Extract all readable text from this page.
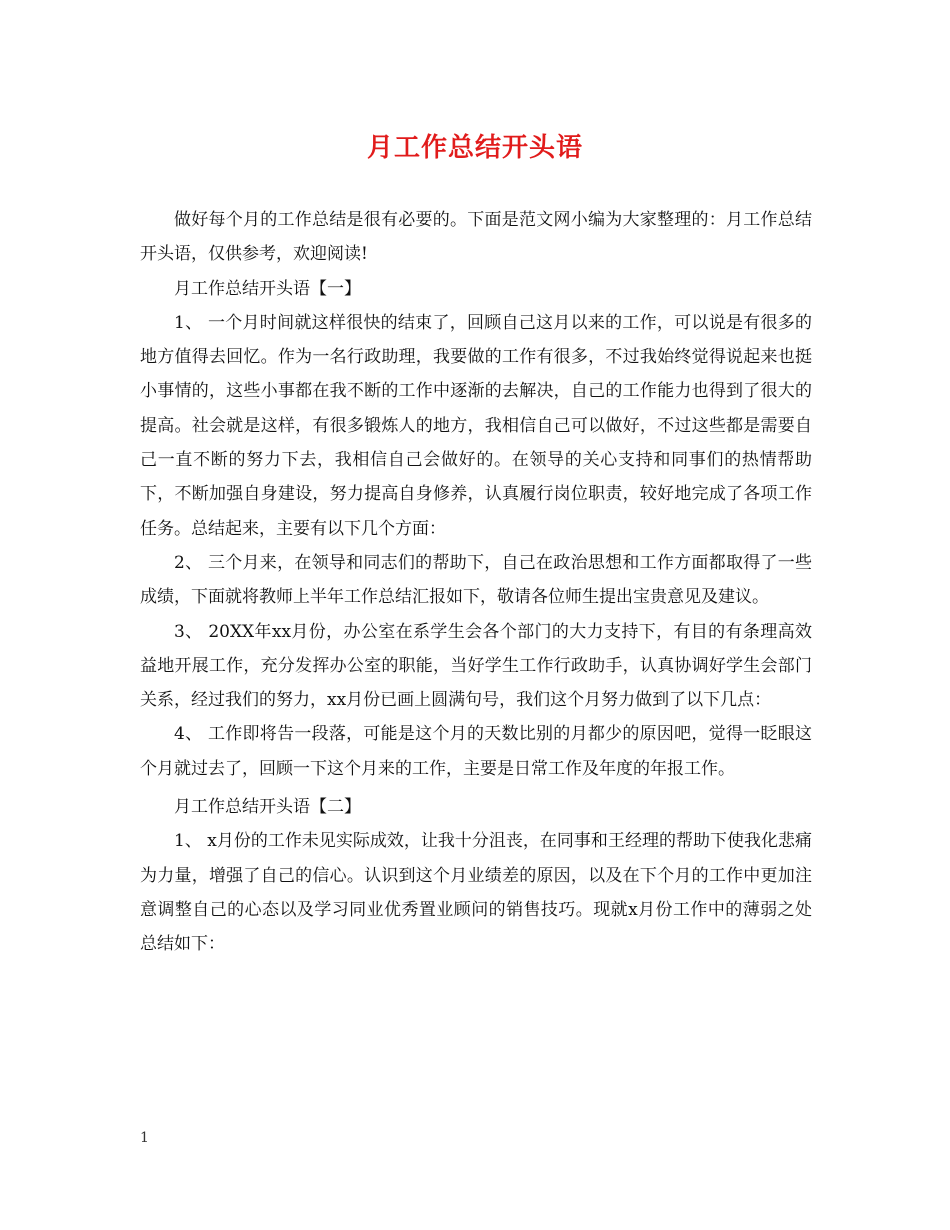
月工作总结开头语

做好每个月的工作总结是很有必要的。下面是范文网小编为大家整理的：月工作总结开头语，仅供参考，欢迎阅读!

月工作总结开头语【一】

1、 一个月时间就这样很快的结束了，回顾自己这月以来的工作，可以说是有很多的地方值得去回忆。作为一名行政助理，我要做的工作有很多，不过我始终觉得说起来也挺小事情的，这些小事都在我不断的工作中逐渐的去解决，自己的工作能力也得到了很大的提高。社会就是这样，有很多锻炼人的地方，我相信自己可以做好，不过这些都是需要自己一直不断的努力下去，我相信自己会做好的。在领导的关心支持和同事们的热情帮助下，不断加强自身建设，努力提高自身修养，认真履行岗位职责，较好地完成了各项工作任务。总结起来，主要有以下几个方面：

2、 三个月来，在领导和同志们的帮助下，自己在政治思想和工作方面都取得了一些成绩，下面就将教师上半年工作总结汇报如下，敬请各位师生提出宝贵意见及建议。

3、 20XX年xx月份，办公室在系学生会各个部门的大力支持下，有目的有条理高效益地开展工作，充分发挥办公室的职能，当好学生工作行政助手，认真协调好学生会部门关系，经过我们的努力，xx月份已画上圆满句号，我们这个月努力做到了以下几点：

4、 工作即将告一段落，可能是这个月的天数比别的月都少的原因吧，觉得一眨眼这个月就过去了，回顾一下这个月来的工作，主要是日常工作及年度的年报工作。

月工作总结开头语【二】

1、 x月份的工作未见实际成效，让我十分沮丧，在同事和王经理的帮助下使我化悲痛为力量，增强了自己的信心。认识到这个月业绩差的原因，以及在下个月的工作中更加注意调整自己的心态以及学习同业优秀置业顾问的销售技巧。现就x月份工作中的薄弱之处总结如下：

1
